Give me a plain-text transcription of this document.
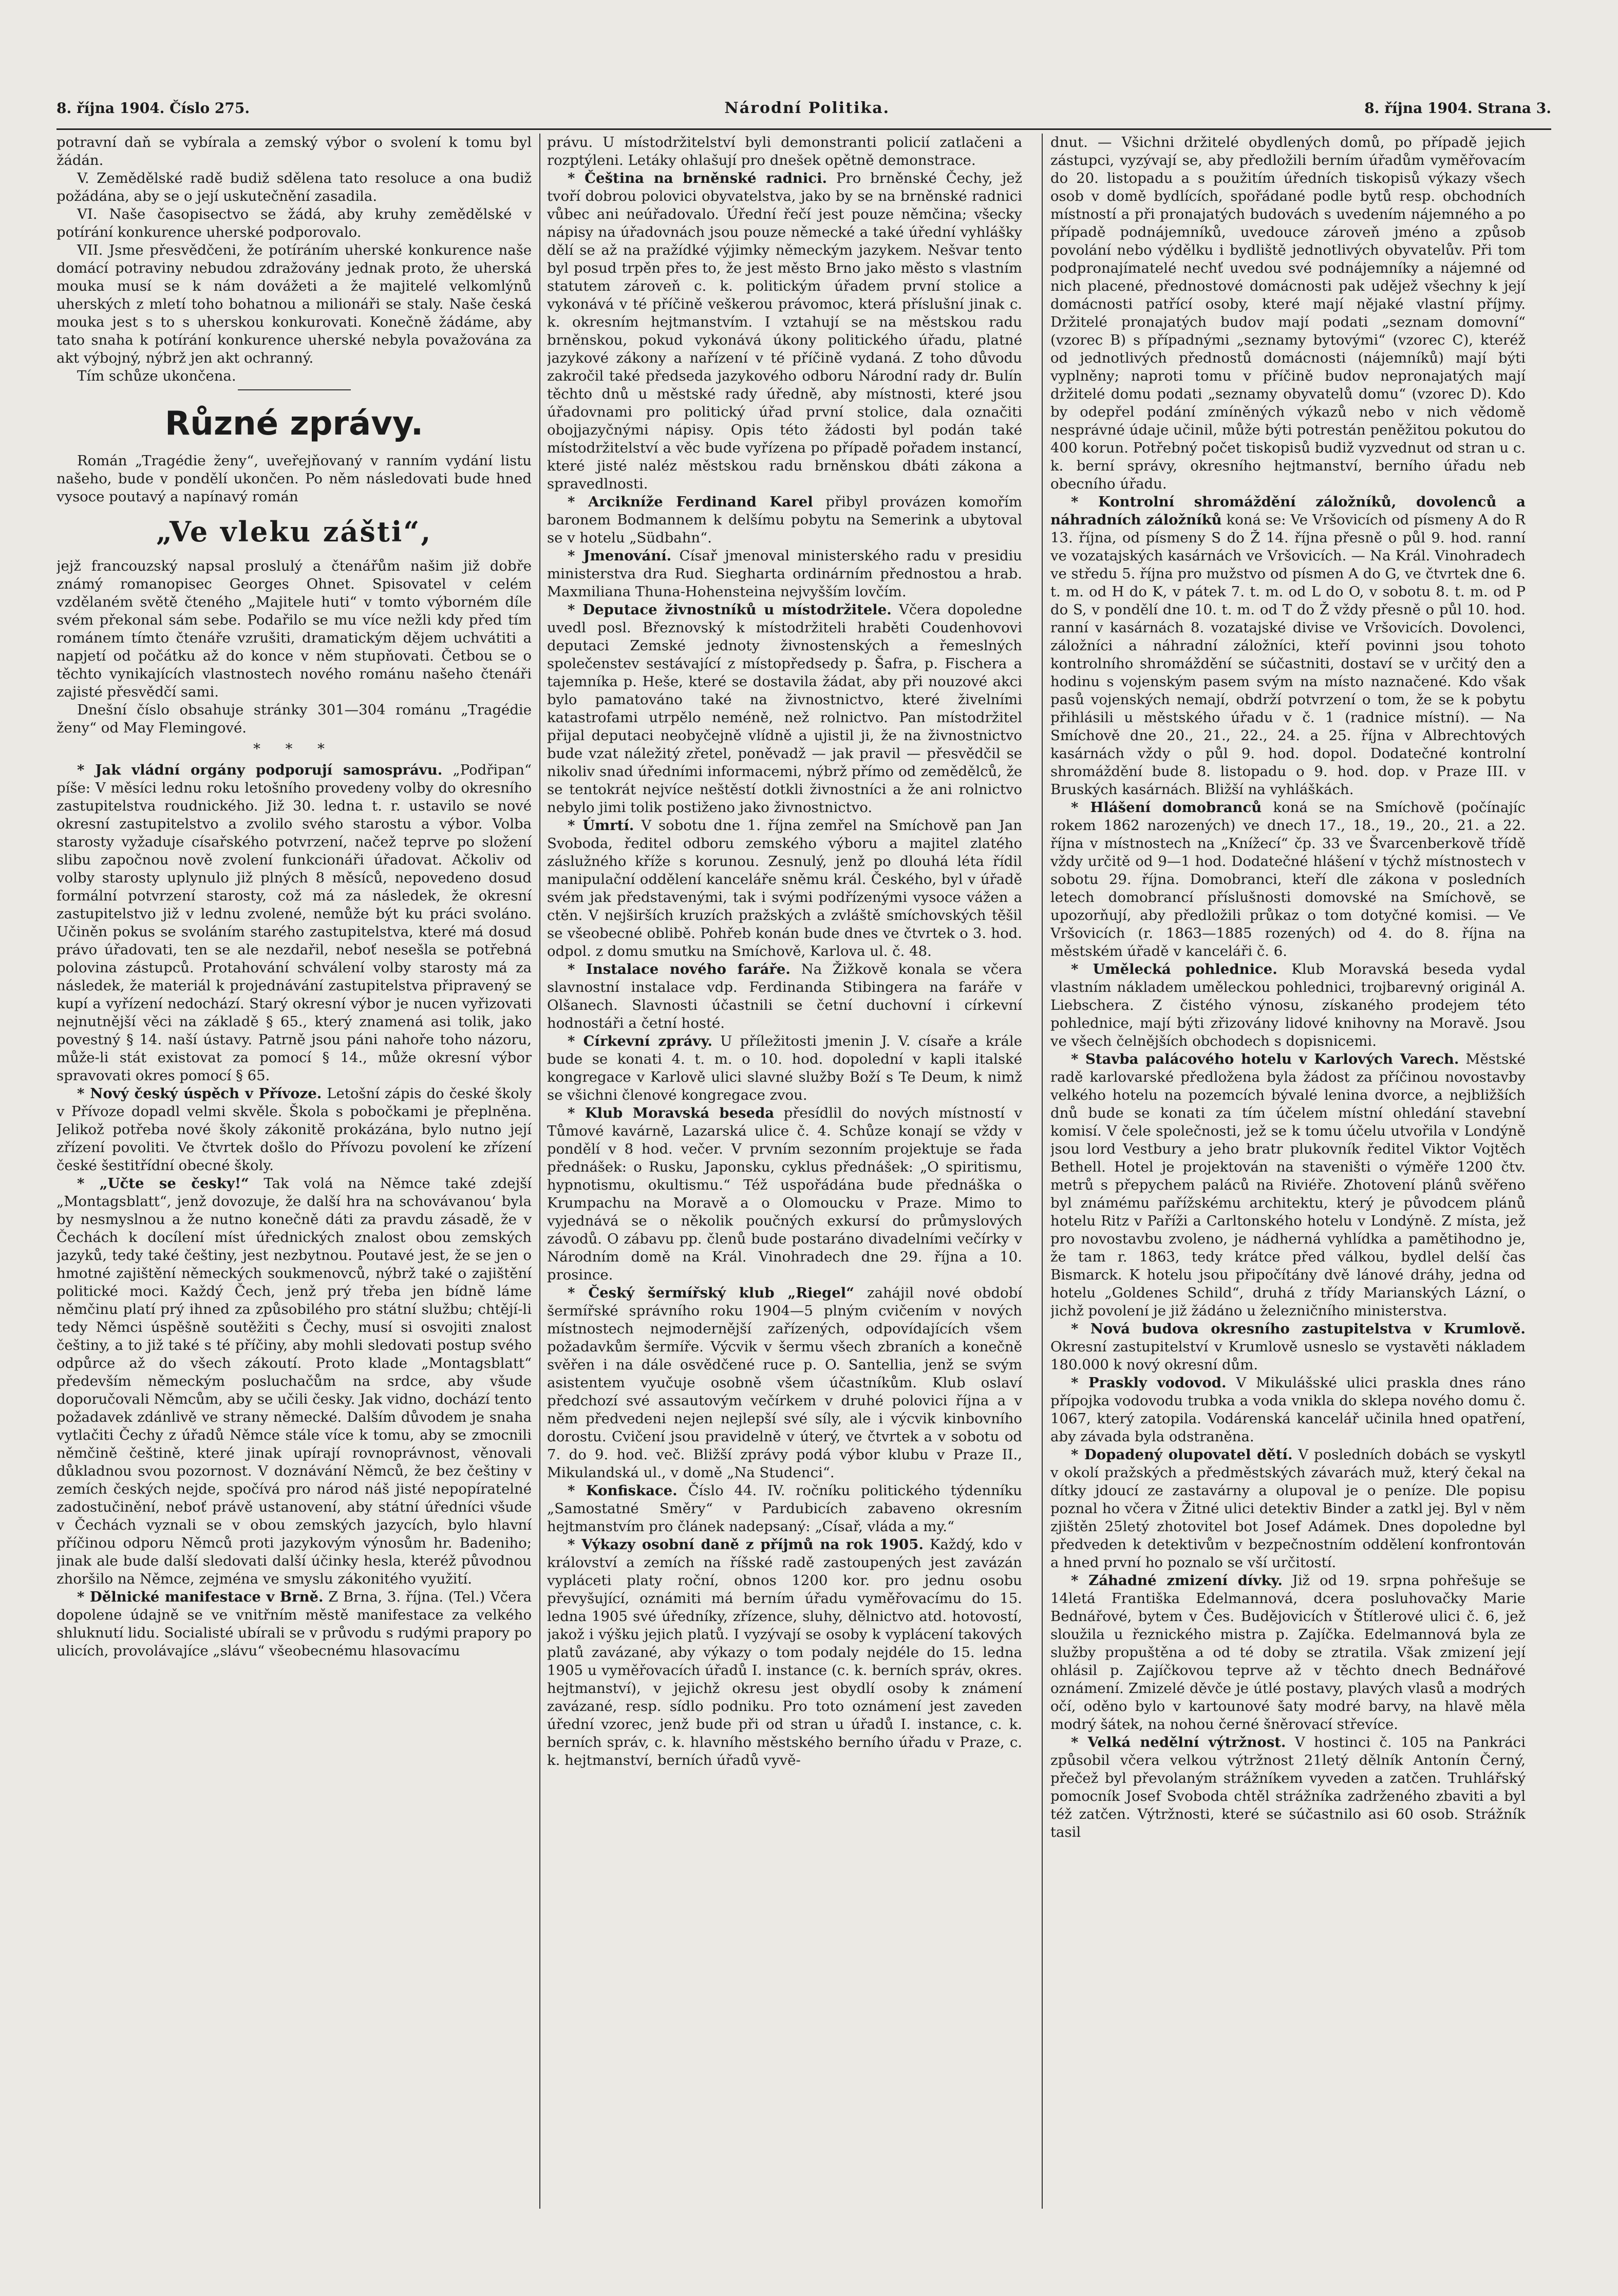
8. října 1904. Číslo 275.	Národní Politika.	8. října 1904. Strana 3.

potravní daň se vybírala a zemský výbor o svolení k tomu byl žádán.

V. Zemědělské radě budiž sdělena tato resoluce a ona budiž požádána, aby se o její uskutečnění zasadila.

VI. Naše časopisectvo se žádá, aby kruhy zemědělské v potírání konkurence uherské podporovalo.

VII. Jsme přesvědčeni, že potíráním uherské konkurence naše domácí potraviny nebudou zdražovány jednak proto, že uherská mouka musí se k nám dovážeti a že majitelé velkomlýnů uherských z mletí toho bohatnou a milionáři se staly. Naše česká mouka jest s to s uherskou konkurovati. Konečně žádáme, aby tato snaha k potírání konkurence uherské nebyla považována za akt výbojný, nýbrž jen akt ochranný.

Tím schůze ukončena.

Různé zprávy.

Román „Tragédie ženy“, uveřejňovaný v ranním vydání listu našeho, bude v pondělí ukončen. Po něm následovati bude hned vysoce poutavý a napínavý román

„Ve vleku zášti“,

jejž francouzský napsal proslulý a čtenářům našim již dobře známý romanopisec Georges Ohnet. Spisovatel v celém vzdělaném světě čteného „Majitele huti“ v tomto výborném díle svém překonal sám sebe. Podařilo se mu více nežli kdy před tím románem tímto čtenáře vzrušiti, dramatickým dějem uchvátiti a napjetí od počátku až do konce v něm stupňovati. Četbou se o těchto vynikajících vlastnostech nového románu našeho čtenáři zajisté přesvědčí sami.

Dnešní číslo obsahuje stránky 301—304 románu „Tragédie ženy“ od May Flemingové.

* * *

* Jak vládní orgány podporují samosprávu. „Podřipan“ píše: V měsíci lednu roku letošního provedeny volby do okresního zastupitelstva roudnického. Již 30. ledna t. r. ustavilo se nové okresní zastupitelstvo a zvolilo svého starostu a výbor. Volba starosty vyžaduje císařského potvrzení, načež teprve po složení slibu započnou nově zvolení funkcionáři úřadovat. Ačkoliv od volby starosty uplynulo již plných 8 měsíců, nepovedeno dosud formální potvrzení starosty, což má za následek, že okresní zastupitelstvo již v lednu zvolené, nemůže být ku práci svoláno. Učiněn pokus se svoláním starého zastupitelstva, které má dosud právo úřadovati, ten se ale nezdařil, neboť nesešla se potřebná polovina zástupců. Protahování schválení volby starosty má za následek, že materiál k projednávání zastupitelstva připravený se kupí a vyřízení nedochází. Starý okresní výbor je nucen vyřizovati nejnutnější věci na základě § 65., který znamená asi tolik, jako povestný § 14. naší ústavy. Patrně jsou páni nahoře toho názoru, může-li stát existovat za pomocí § 14., může okresní výbor spravovati okres pomocí § 65.

* Nový český úspěch v Přívoze. Letošní zápis do české školy v Přívoze dopadl velmi skvěle. Škola s pobočkami je přeplněna. Jelikož potřeba nové školy zákonitě prokázána, bylo nutno její zřízení povoliti. Ve čtvrtek došlo do Přívozu povolení ke zřízení české šestitřídní obecné školy.

* „Učte se česky!“ Tak volá na Němce také zdejší „Montagsblatt“, jenž dovozuje, že další hra na schovávanou‘ byla by nesmyslnou a že nutno konečně dáti za pravdu zásadě, že v Čechách k docílení míst úřednických znalost obou zemských jazyků, tedy také češtiny, jest nezbytnou. Poutavé jest, že se jen o hmotné zajištění německých soukmenovců, nýbrž také o zajištění politické moci. Každý Čech, jenž prý třeba jen bídně láme němčinu platí prý ihned za způsobilého pro státní službu; chtějí-li tedy Němci úspěšně soutěžiti s Čechy, musí si osvojiti znalost češtiny, a to již také s té příčiny, aby mohli sledovati postup svého odpůrce až do všech zákoutí. Proto klade „Montagsblatt“ především německým posluchačům na srdce, aby všude doporučovali Němcům, aby se učili česky. Jak vidno, dochází tento požadavek zdánlivě ve strany německé. Dalším důvodem je snaha vytlačiti Čechy z úřadů Němce stále více k tomu, aby se zmocnili němčině češtině, které jinak upírají rovnoprávnost, věnovali důkladnou svou pozornost. V doznávání Němců, že bez češtiny v zemích českých nejde, spočívá pro národ náš jisté nepopíratelné zadostučinění, neboť právě ustanovení, aby státní úředníci všude v Čechách vyznali se v obou zemských jazycích, bylo hlavní příčinou odporu Němců proti jazykovým výnosům hr. Badeniho; jinak ale bude další sledovati další účinky hesla, kteréž původnou zhoršilo na Němce, zejména ve smyslu zákonitého využití.

* Dělnické manifestace v Brně. Z Brna, 3. října. (Tel.) Včera dopolene údajně se ve vnitřním městě manifestace za velkého shluknutí lidu. Socialisté ubírali se v průvodu s rudými prapory po ulicích, provolávajíce „slávu“ všeobecnému hlasovacímu

právu. U místodržitelství byli demonstranti policií zatlačeni a rozptýleni. Letáky ohlašují pro dnešek opětně demonstrace.

* Čeština na brněnské radnici. Pro brněnské Čechy, jež tvoří dobrou polovici obyvatelstva, jako by se na brněnské radnici vůbec ani neúřadovalo. Úřední řečí jest pouze němčina; všecky nápisy na úřadovnách jsou pouze německé a také úřední vyhlášky dělí se až na pražídké výjimky německým jazykem. Nešvar tento byl posud trpěn přes to, že jest město Brno jako město s vlastním statutem zároveň c. k. politickým úřadem první stolice a vykonává v té příčině veškerou právomoc, která příslušní jinak c. k. okresním hejtmanstvím. I vztahují se na městskou radu brněnskou, pokud vykonává úkony politického úřadu, platné jazykové zákony a nařízení v té příčině vydaná. Z toho důvodu zakročil také předseda jazykového odboru Národní rady dr. Bulín těchto dnů u městské rady úředně, aby místnosti, které jsou úřadovnami pro politický úřad první stolice, dala označiti obojjazyčnými nápisy. Opis této žádosti byl podán také místodržitelství a věc bude vyřízena po případě pořadem instancí, které jisté naléz městskou radu brněnskou dbáti zákona a spravedlnosti.

* Arcikníže Ferdinand Karel přibyl provázen komořím baronem Bodmannem k delšímu pobytu na Semerink a ubytoval se v hotelu „Südbahn“.

* Jmenování. Císař jmenoval ministerského radu v presidiu ministerstva dra Rud. Siegharta ordinárním přednostou a hrab. Maxmiliana Thuna-Hohensteina nejvyšším lovčím.

* Deputace živnostníků u místodržitele. Včera dopoledne uvedl posl. Březnovský k místodržiteli hraběti Coudenhovovi deputaci Zemské jednoty živnostenských a řemeslných společenstev sestávající z místopředsedy p. Šafra, p. Fischera a tajemníka p. Heše, které se dostavila žádat, aby při nouzové akci bylo pamatováno také na živnostnictvo, které živelními katastrofami utrpělo neméně, než rolnictvo. Pan místodržitel přijal deputaci neobyčejně vlídně a ujistil ji, že na živnostnictvo bude vzat náležitý zřetel, poněvadž — jak pravil — přesvědčil se nikoliv snad úředními informacemi, nýbrž přímo od zemědělců, že se tentokrát nejvíce neštěstí dotkli živnostníci a že ani rolnictvo nebylo jimi tolik postiženo jako živnostnictvo.

* Úmrtí. V sobotu dne 1. října zemřel na Smíchově pan Jan Svoboda, ředitel odboru zemského výboru a majitel zlatého záslužného kříže s korunou. Zesnulý, jenž po dlouhá léta řídil manipulační oddělení kanceláře sněmu král. Českého, byl v úřadě svém jak představenými, tak i svými podřízenými vysoce vážen a ctěn. V nejširších kruzích pražských a zvláště smíchovských těšil se všeobecné oblibě. Pohřeb konán bude dnes ve čtvrtek o 3. hod. odpol. z domu smutku na Smíchově, Karlova ul. č. 48.

* Instalace nového faráře. Na Žižkově konala se včera slavnostní instalace vdp. Ferdinanda Stibingera na faráře v Olšanech. Slavnosti účastnili se četní duchovní i církevní hodnostáři a četní hosté.

* Církevní zprávy. U příležitosti jmenin J. V. císaře a krále bude se konati 4. t. m. o 10. hod. dopolední v kapli italské kongregace v Karlově ulici slavné služby Boží s Te Deum, k nimž se všichni členové kongregace zvou.

* Klub Moravská beseda přesídlil do nových místností v Tůmové kavárně, Lazarská ulice č. 4. Schůze konají se vždy v pondělí v 8 hod. večer. V prvním sezonním projektuje se řada přednášek: o Rusku, Japonsku, cyklus přednášek: „O spiritismu, hypnotismu, okultismu.“ Též uspořádána bude přednáška o Krumpachu na Moravě a o Olomoucku v Praze. Mimo to vyjednává se o několik poučných exkursí do průmyslových závodů. O zábavu pp. členů bude postaráno divadelními večírky v Národním domě na Král. Vinohradech dne 29. října a 10. prosince.

* Český šermířský klub „Riegel“ zahájil nové období šermířské správního roku 1904—5 plným cvičením v nových místnostech nejmodernější zařízených, odpovídajících všem požadavkům šermíře. Výcvik v šermu všech zbraních a konečně svěřen i na dále osvědčené ruce p. O. Santellia, jenž se svým asistentem vyučuje osobně všem účastníkům. Klub oslaví předchozí své assautovým večírkem v druhé polovici října a v něm předvedeni nejen nejlepší své síly, ale i výcvik kinbovního dorostu. Cvičení jsou pravidelně v úterý, ve čtvrtek a v sobotu od 7. do 9. hod. več. Bližší zprávy podá výbor klubu v Praze II., Mikulandská ul., v domě „Na Studenci“.

* Konfiskace. Číslo 44. IV. ročníku politického týdenníku „Samostatné Směry“ v Pardubicích zabaveno okresním hejtmanstvím pro článek nadepsaný: „Císař, vláda a my.“

* Výkazy osobní daně z příjmů na rok 1905. Každý, kdo v království a zemích na říšské radě zastoupených jest zavázán vypláceti platy roční, obnos 1200 kor. pro jednu osobu převyšující, oznámiti má berním úřadu vyměřovacímu do 15. ledna 1905 své úředníky, zřízence, sluhy, dělnictvo atd. hotovostí, jakož i výšku jejich platů. I vyzývají se osoby k vyplácení takových platů zavázané, aby výkazy o tom podaly nejdéle do 15. ledna 1905 u vyměřovacích úřadů I. instance (c. k. berních správ, okres. hejtmanství), v jejichž okresu jest obydlí osoby k známení zavázané, resp. sídlo podniku. Pro toto oznámení jest zaveden úřední vzorec, jenž bude při od stran u úřadů I. instance, c. k. berních správ, c. k. hlavního městského berního úřadu v Praze, c. k. hejtmanství, berních úřadů vyvě-

dnut. — Všichni držitelé obydlených domů, po případě jejich zástupci, vyzývají se, aby předložili berním úřadům vyměřovacím do 20. listopadu a s použitím úředních tiskopisů výkazy všech osob v domě bydlících, spořádané podle bytů resp. obchodních místností a při pronajatých budovách s uvedením nájemného a po případě podnájemníků, uvedouce zároveň jméno a způsob povolání nebo výdělku i bydliště jednotlivých obyvatelův. Při tom podpronajímatelé nechť uvedou své podnájemníky a nájemné od nich placené, přednostové domácnosti pak udějež všechny k její domácnosti patřící osoby, které mají nějaké vlastní příjmy. Držitelé pronajatých budov mají podati „seznam domovní“ (vzorec B) s případnými „seznamy bytovými“ (vzorec C), kteréž od jednotlivých přednostů domácnosti (nájemníků) mají býti vyplněny; naproti tomu v příčině budov nepronajatých mají držitelé domu podati „seznamy obyvatelů domu“ (vzorec D). Kdo by odepřel podání zmíněných výkazů nebo v nich vědomě nesprávné údaje učinil, může býti potrestán peněžitou pokutou do 400 korun. Potřebný počet tiskopisů budiž vyzvednut od stran u c. k. berní správy, okresního hejtmanství, berního úřadu neb obecního úřadu.

* Kontrolní shromáždění záložníků, dovolenců a náhradních záložníků koná se: Ve Vršovicích od písmeny A do R 13. října, od písmeny S do Ž 14. října přesně o půl 9. hod. ranní ve vozatajských kasárnách ve Vršovicích. — Na Král. Vinohradech ve středu 5. října pro mužstvo od písmen A do G, ve čtvrtek dne 6. t. m. od H do K, v pátek 7. t. m. od L do O, v sobotu 8. t. m. od P do S, v pondělí dne 10. t. m. od T do Ž vždy přesně o půl 10. hod. ranní v kasárnách 8. vozatajské divise ve Vršovicích. Dovolenci, záložníci a náhradní záložníci, kteří povinni jsou tohoto kontrolního shromáždění se súčastniti, dostaví se v určitý den a hodinu s vojenským pasem svým na místo naznačené. Kdo však pasů vojenských nemají, obdrží potvrzení o tom, že se k pobytu přihlásili u městského úřadu v č. 1 (radnice místní). — Na Smíchově dne 20., 21., 22., 24. a 25. října v Albrechtových kasárnách vždy o půl 9. hod. dopol. Dodatečné kontrolní shromáždění bude 8. listopadu o 9. hod. dop. v Praze III. v Bruských kasárnách. Bližší na vyhláškách.

* Hlášení domobranců koná se na Smíchově (počínajíc rokem 1862 narozených) ve dnech 17., 18., 19., 20., 21. a 22. října v místnostech na „Knížecí“ čp. 33 ve Švarcenberkově třídě vždy určitě od 9—1 hod. Dodatečné hlášení v týchž místnostech v sobotu 29. října. Domobranci, kteří dle zákona v posledních letech domobrancí příslušnosti domovské na Smíchově, se upozorňují, aby předložili průkaz o tom dotyčné komisi. — Ve Vršovicích (r. 1863—1885 rozených) od 4. do 8. října na městském úřadě v kanceláři č. 6.

* Umělecká pohlednice. Klub Moravská beseda vydal vlastním nákladem uměleckou pohlednici, trojbarevný originál A. Liebschera. Z čistého výnosu, získaného prodejem této pohlednice, mají býti zřizovány lidové knihovny na Moravě. Jsou ve všech čelnějších obchodech s dopisnicemi.

* Stavba palácového hotelu v Karlových Varech. Městské radě karlovarské předložena byla žádost za příčinou novostavby velkého hotelu na pozemcích bývalé lenina dvorce, a nejbližších dnů bude se konati za tím účelem místní ohledání stavební komisí. V čele společnosti, jež se k tomu účelu utvořila v Londýně jsou lord Vestbury a jeho bratr plukovník ředitel Viktor Vojtěch Bethell. Hotel je projektován na staveništi o výměře 1200 čtv. metrů s přepychem paláců na Riviéře. Zhotovení plánů svěřeno byl známému pařížskému architektu, který je původcem plánů hotelu Ritz v Paříži a Carltonského hotelu v Londýně. Z místa, jež pro novostavbu zvoleno, je nádherná vyhlídka a pamětihodno je, že tam r. 1863, tedy krátce před válkou, bydlel delší čas Bismarck. K hotelu jsou připočítány dvě lánové dráhy, jedna od hotelu „Goldenes Schild“, druhá z třídy Marianských Lázní, o jichž povolení je již žádáno u železničního ministerstva.

* Nová budova okresního zastupitelstva v Krumlově. Okresní zastupitelství v Krumlově usneslo se vystavěti nákladem 180.000 k nový okresní dům.

* Praskly vodovod. V Mikulášské ulici praskla dnes ráno přípojka vodovodu trubka a voda vnikla do sklepa nového domu č. 1067, který zatopila. Vodárenská kancelář učinila hned opatření, aby závada byla odstraněna.

* Dopadený olupovatel dětí. V posledních dobách se vyskytl v okolí pražských a předměstských závarách muž, který čekal na dítky jdoucí ze zastavárny a olupoval je o peníze. Dle popisu poznal ho včera v Žitné ulici detektiv Binder a zatkl jej. Byl v něm zjištěn 25letý zhotovitel bot Josef Adámek. Dnes dopoledne byl předveden k detektivům v bezpečnostním oddělení konfrontován a hned první ho poznalo se vší určitostí.

* Záhadné zmizení dívky. Již od 19. srpna pohřešuje se 14letá Františka Edelmannová, dcera posluhovačky Marie Bednářové, bytem v Čes. Budějovicích v Štítlerové ulici č. 6, jež sloužila u řeznického mistra p. Zajíčka. Edelmannová byla ze služby propuštěna a od té doby se ztratila. Však zmizení její ohlásil p. Zajíčkovou teprve až v těchto dnech Bednářové oznámení. Zmizelé děvče je útlé postavy, plavých vlasů a modrých očí, oděno bylo v kartounové šaty modré barvy, na hlavě měla modrý šátek, na nohou černé šněrovací střevíce.

* Velká nedělní výtržnost. V hostinci č. 105 na Pankráci způsobil včera velkou výtržnost 21letý dělník Antonín Černý, přečež byl převolaným strážníkem vyveden a zatčen. Truhlářský pomocník Josef Svoboda chtěl strážníka zadrženého zbaviti a byl též zatčen. Výtržnosti, které se súčastnilo asi 60 osob. Strážník tasil
